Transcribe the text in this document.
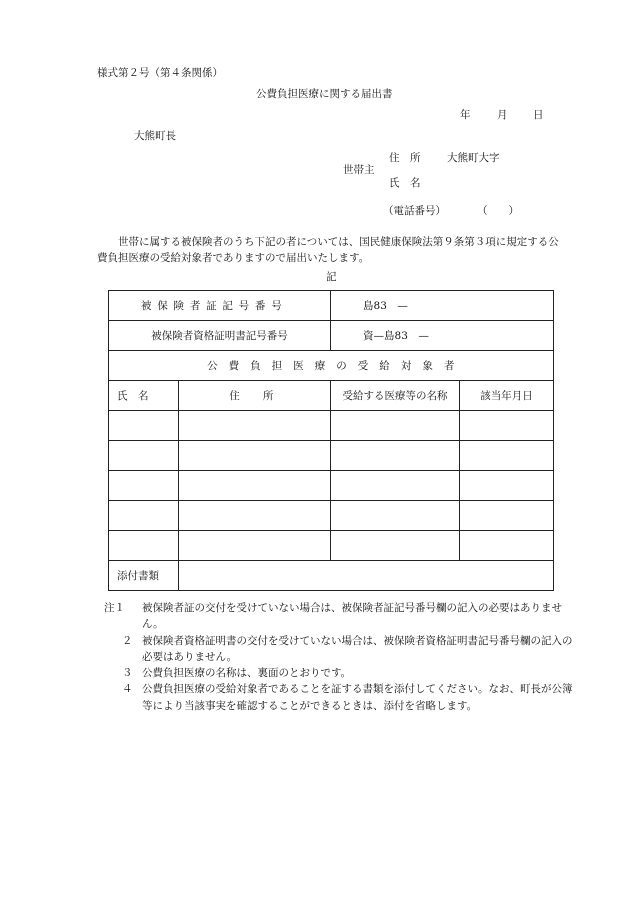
様式第２号（第４条関係）
公費負担医療に関する届出書
年	月 日
大熊町長
世帯主
住　所	大熊町大字
氏　名
（電話番号）	（　　）
世帯に属する被保険者のうち下記の者については、国民健康保険法第９条第３項に規定する公費負担医療の受給対象者でありますので届出いたします。
記
被保険者証記号番号		島83　—	
被保険者資格証明書記号番号		資—島83　—	
公費負担医療の受給対象者			
氏　名	住　所	受給する医療等の名称	該当年月日

添付書類			
注１	被保険者証の交付を受けていない場合は、被保険者証記号番号欄の記入の必要はありません。
２ 被保険者資格証明書の交付を受けていない場合は、被保険者資格証明書記号番号欄の記入の必要はありません。
３ 公費負担医療の名称は、裏面のとおりです。
４ 公費負担医療の受給対象者であることを証する書類を添付してください。なお、町長が公簿等により当該事実を確認することができるときは、添付を省略します。
